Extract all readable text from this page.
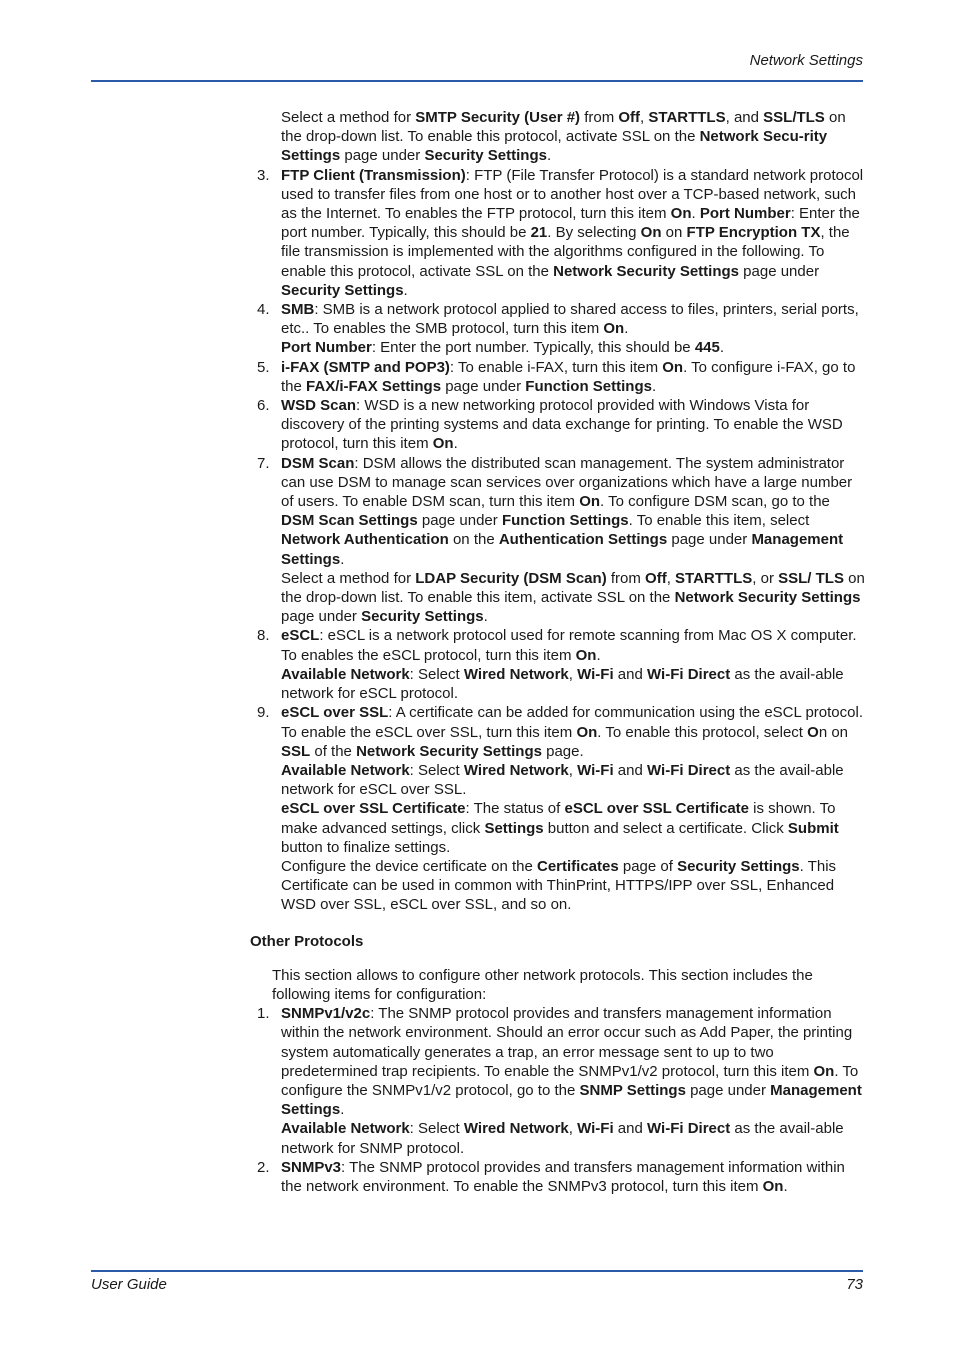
Network Settings
Select a method for SMTP Security (User #) from Off, STARTTLS, and SSL/TLS on the drop-down list. To enable this protocol, activate SSL on the Network Secu-rity Settings page under Security Settings.
3. FTP Client (Transmission): FTP (File Transfer Protocol) is a standard network protocol used to transfer files from one host or to another host over a TCP-based network, such as the Internet. To enables the FTP protocol, turn this item On. Port Number: Enter the port number. Typically, this should be 21. By selecting On on FTP Encryption TX, the file transmission is implemented with the algorithms configured in the following. To enable this protocol, activate SSL on the Network Security Settings page under Security Settings.
4. SMB: SMB is a network protocol applied to shared access to files, printers, serial ports, etc.. To enables the SMB protocol, turn this item On.
Port Number: Enter the port number. Typically, this should be 445.
5. i-FAX (SMTP and POP3): To enable i-FAX, turn this item On. To configure i-FAX, go to the FAX/i-FAX Settings page under Function Settings.
6. WSD Scan: WSD is a new networking protocol provided with Windows Vista for discovery of the printing systems and data exchange for printing. To enable the WSD protocol, turn this item On.
7. DSM Scan: DSM allows the distributed scan management. The system administrator can use DSM to manage scan services over organizations which have a large number of users. To enable DSM scan, turn this item On. To configure DSM scan, go to the DSM Scan Settings page under Function Settings. To enable this item, select Network Authentication on the Authentication Settings page under Management Settings.
Select a method for LDAP Security (DSM Scan) from Off, STARTTLS, or SSL/ TLS on the drop-down list. To enable this item, activate SSL on the Network Security Settings page under Security Settings.
8. eSCL: eSCL is a network protocol used for remote scanning from Mac OS X computer. To enables the eSCL protocol, turn this item On.
Available Network: Select Wired Network, Wi-Fi and Wi-Fi Direct as the avail-able network for eSCL protocol.
9. eSCL over SSL: A certificate can be added for communication using the eSCL protocol. To enable the eSCL over SSL, turn this item On. To enable this protocol, select On on SSL of the Network Security Settings page.
Available Network: Select Wired Network, Wi-Fi and Wi-Fi Direct as the avail-able network for eSCL over SSL.
eSCL over SSL Certificate: The status of eSCL over SSL Certificate is shown. To make advanced settings, click Settings button and select a certificate. Click Submit button to finalize settings.
Configure the device certificate on the Certificates page of Security Settings. This Certificate can be used in common with ThinPrint, HTTPS/IPP over SSL, Enhanced WSD over SSL, eSCL over SSL, and so on.
Other Protocols
This section allows to configure other network protocols. This section includes the following items for configuration:
1. SNMPv1/v2c: The SNMP protocol provides and transfers management information within the network environment. Should an error occur such as Add Paper, the printing system automatically generates a trap, an error message sent to up to two predetermined trap recipients. To enable the SNMPv1/v2 protocol, turn this item On. To configure the SNMPv1/v2 protocol, go to the SNMP Settings page under Management Settings.
Available Network: Select Wired Network, Wi-Fi and Wi-Fi Direct as the avail-able network for SNMP protocol.
2. SNMPv3: The SNMP protocol provides and transfers management information within the network environment. To enable the SNMPv3 protocol, turn this item On.
User Guide	73
